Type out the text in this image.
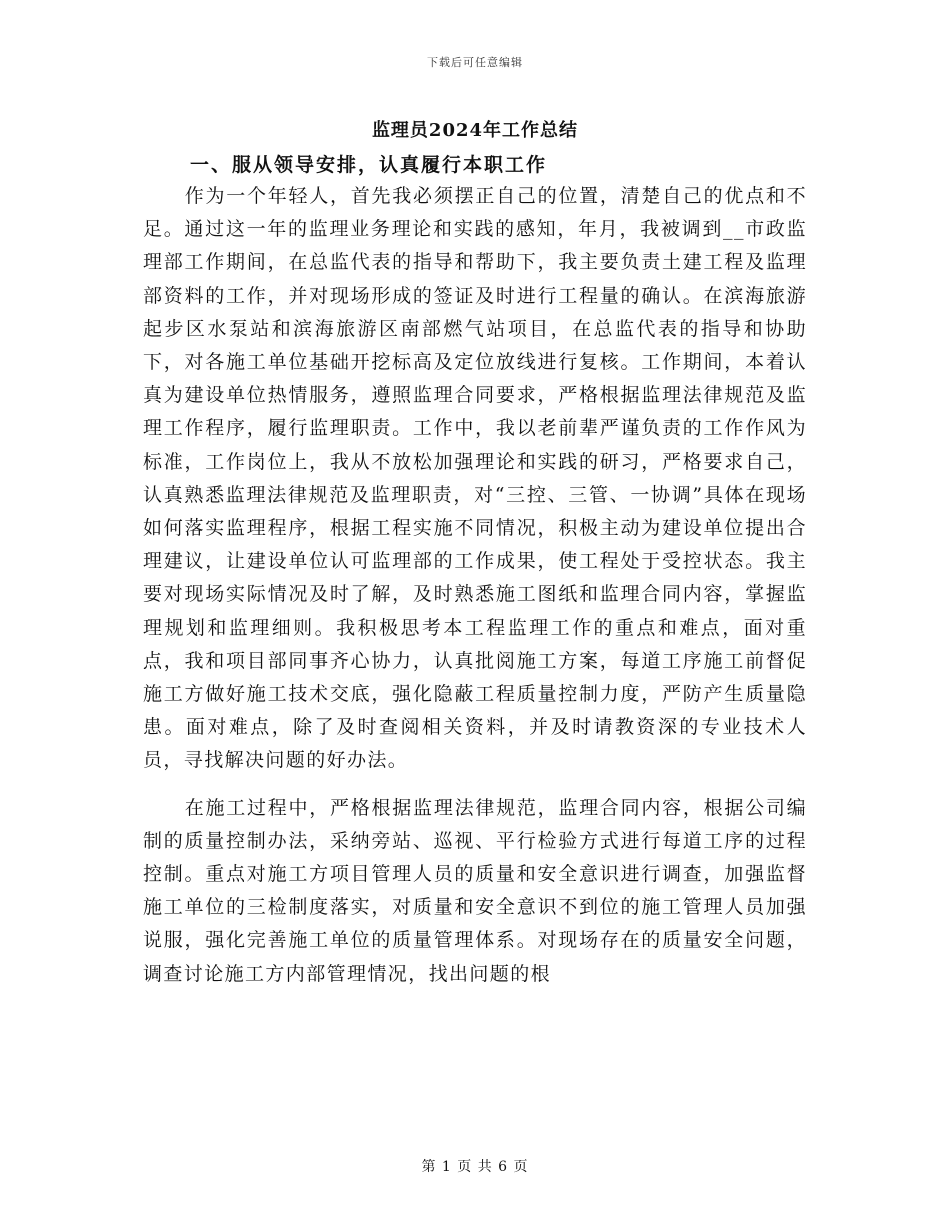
下载后可任意编辑
监理员2024年工作总结
一、服从领导安排，认真履行本职工作

作为一个年轻人，首先我必须摆正自己的位置，清楚自己的优点和不足。通过这一年的监理业务理论和实践的感知，年月，我被调到__市政监理部工作期间，在总监代表的指导和帮助下，我主要负责土建工程及监理部资料的工作，并对现场形成的签证及时进行工程量的确认。在滨海旅游起步区水泵站和滨海旅游区南部燃气站项目，在总监代表的指导和协助下，对各施工单位基础开挖标高及定位放线进行复核。工作期间，本着认真为建设单位热情服务，遵照监理合同要求，严格根据监理法律规范及监理工作程序，履行监理职责。工作中，我以老前辈严谨负责的工作作风为标准，工作岗位上，我从不放松加强理论和实践的研习，严格要求自己，认真熟悉监理法律规范及监理职责，对“三控、三管、一协调”具体在现场如何落实监理程序，根据工程实施不同情况，积极主动为建设单位提出合理建议，让建设单位认可监理部的工作成果，使工程处于受控状态。我主要对现场实际情况及时了解，及时熟悉施工图纸和监理合同内容，掌握监理规划和监理细则。我积极思考本工程监理工作的重点和难点，面对重点，我和项目部同事齐心协力，认真批阅施工方案，每道工序施工前督促施工方做好施工技术交底，强化隐蔽工程质量控制力度，严防产生质量隐患。面对难点，除了及时查阅相关资料，并及时请教资深的专业技术人员，寻找解决问题的好办法。

在施工过程中，严格根据监理法律规范，监理合同内容，根据公司编制的质量控制办法，采纳旁站、巡视、平行检验方式进行每道工序的过程控制。重点对施工方项目管理人员的质量和安全意识进行调查，加强监督施工单位的三检制度落实，对质量和安全意识不到位的施工管理人员加强说服，强化完善施工单位的质量管理体系。对现场存在的质量安全问题，调查讨论施工方内部管理情况，找出问题的根

第 1 页 共 6 页
